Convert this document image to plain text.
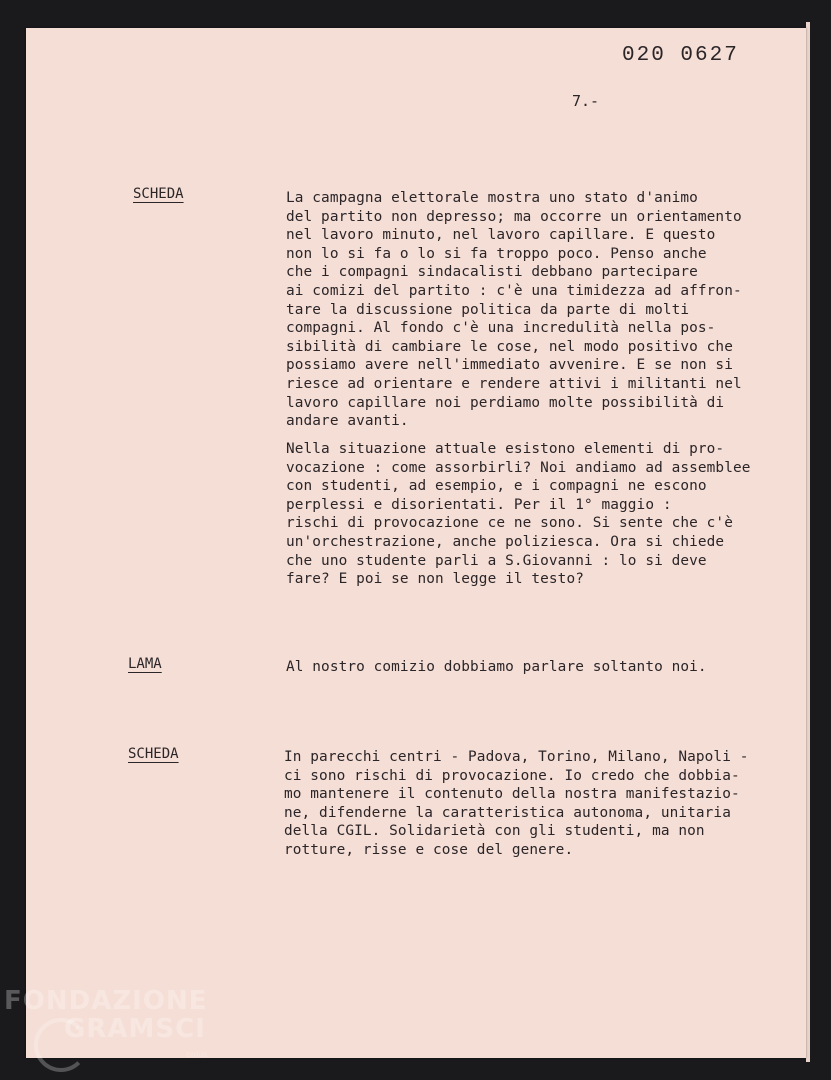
020 0627
7.-
SCHEDA	La campagna elettorale mostra uno stato d'animo
del partito non depresso; ma occorre un orientamento
nel lavoro minuto, nel lavoro capillare. E questo
non lo si fa o lo si fa troppo poco. Penso anche
che i compagni sindacalisti debbano partecipare
ai comizi del partito : c'è una timidezza ad affron-
tare la discussione politica da parte di molti
compagni. Al fondo c'è una incredulità nella pos-
sibilità di cambiare le cose, nel modo positivo che
possiamo avere nell'immediato avvenire. E se non si
riesce ad orientare e rendere attivi i militanti nel
lavoro capillare noi perdiamo molte possibilità di
andare avanti.

Nella situazione attuale esistono elementi di pro-
vocazione : come assorbirli? Noi andiamo ad assemblee
con studenti, ad esempio, e i compagni ne escono
perplessi e disorientati. Per il 1° maggio :
rischi di provocazione ce ne sono. Si sente che c'è
un'orchestrazione, anche poliziesca. Ora si chiede
che uno studente parli a S.Giovanni : lo si deve
fare? E poi se non legge il testo?

LAMA	Al nostro comizio dobbiamo parlare soltanto noi.

SCHEDA	In parecchi centri - Padova, Torino, Milano, Napoli -
ci sono rischi di provocazione. Io credo che dobbia-
mo mantenere il contenuto della nostra manifestazio-
ne, difenderne la caratteristica autonoma, unitaria
della CGIL. Solidarietà con gli studenti, ma non
rotture, risse e cose del genere.

FONDAZIONE
GRAMSCI
onlus
